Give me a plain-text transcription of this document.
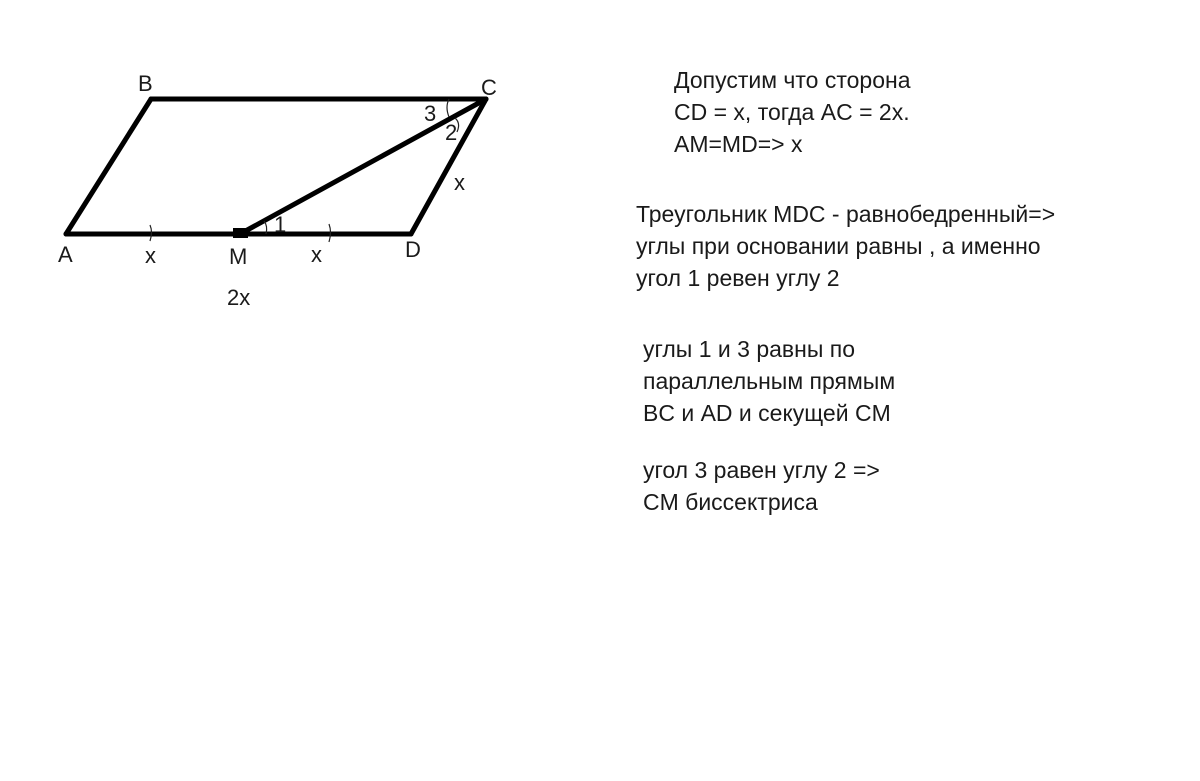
B	C
A	M	D
x	x
x
2x
1
3
2
Допустим что сторона
CD = x, тогда AC = 2x.
AM=MD=> x
Треугольник MDC - равнобедренный=>
углы при основании равны , а именно
угол 1 ревен углу 2
углы 1 и 3 равны по
параллельным прямым
BC и AD и секущей CM
угол 3 равен углу 2 =>
CM биссектриса
